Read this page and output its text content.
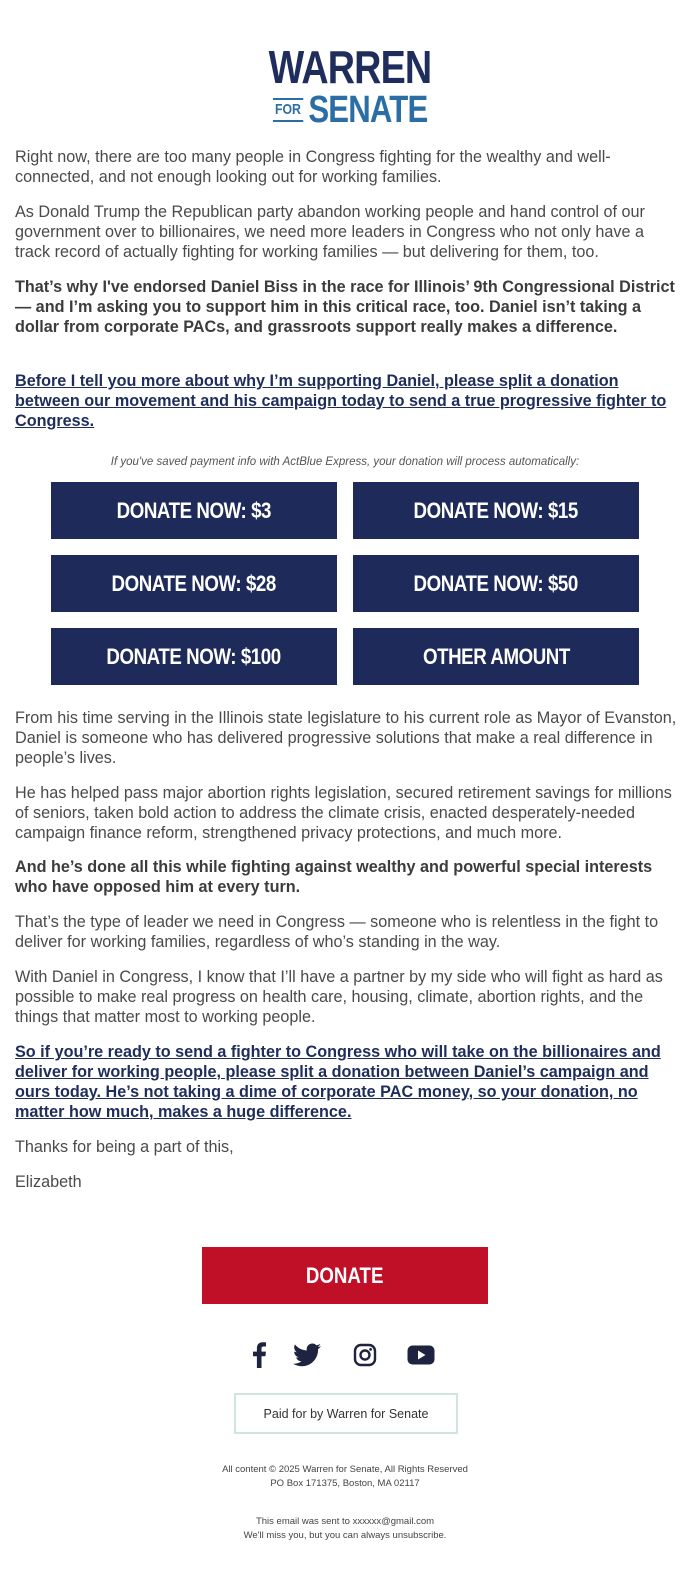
WARREN
FOR SENATE

Right now, there are too many people in Congress fighting for the wealthy and well-connected, and not enough looking out for working families.

As Donald Trump the Republican party abandon working people and hand control of our government over to billionaires, we need more leaders in Congress who not only have a track record of actually fighting for working families — but delivering for them, too.

That’s why I've endorsed Daniel Biss in the race for Illinois’ 9th Congressional District — and I’m asking you to support him in this critical race, too. Daniel isn’t taking a dollar from corporate PACs, and grassroots support really makes a difference.

Before I tell you more about why I’m supporting Daniel, please split a donation between our movement and his campaign today to send a true progressive fighter to Congress.
If you've saved payment info with ActBlue Express, your donation will process automatically:
DONATE NOW: $3	DONATE NOW: $15
DONATE NOW: $28	DONATE NOW: $50
DONATE NOW: $100	OTHER AMOUNT

From his time serving in the Illinois state legislature to his current role as Mayor of Evanston, Daniel is someone who has delivered progressive solutions that make a real difference in people’s lives.

He has helped pass major abortion rights legislation, secured retirement savings for millions of seniors, taken bold action to address the climate crisis, enacted desperately-needed campaign finance reform, strengthened privacy protections, and much more.

And he’s done all this while fighting against wealthy and powerful special interests who have opposed him at every turn.

That’s the type of leader we need in Congress — someone who is relentless in the fight to deliver for working families, regardless of who’s standing in the way.

With Daniel in Congress, I know that I’ll have a partner by my side who will fight as hard as possible to make real progress on health care, housing, climate, abortion rights, and the things that matter most to working people.

So if you’re ready to send a fighter to Congress who will take on the billionaires and deliver for working people, please split a donation between Daniel’s campaign and ours today. He’s not taking a dime of corporate PAC money, so your donation, no matter how much, makes a huge difference.

Thanks for being a part of this,

Elizabeth

DONATE
Paid for by Warren for Senate
All content © 2025 Warren for Senate, All Rights Reserved
PO Box 171375, Boston, MA 02117
This email was sent to xxxxxx@gmail.com
We'll miss you, but you can always unsubscribe.
